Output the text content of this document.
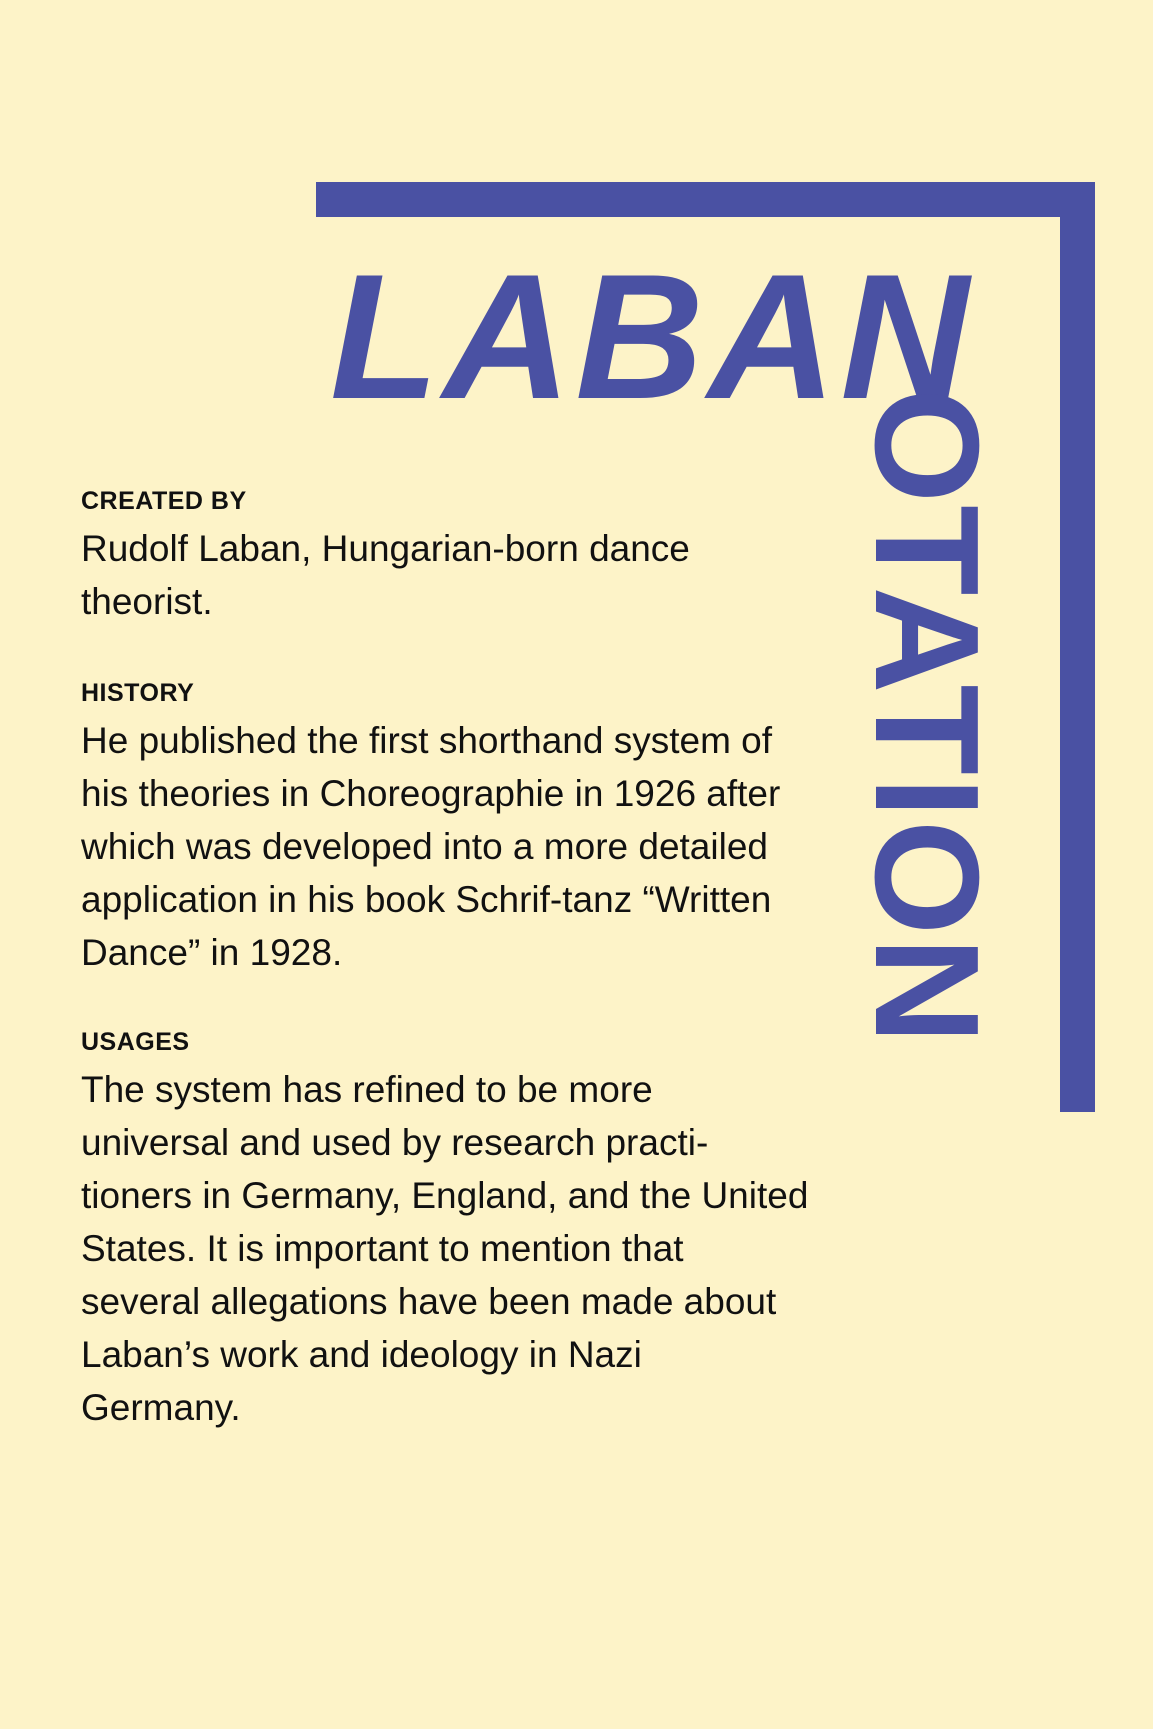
LABAN
OTATION
CREATED BY

Rudolf Laban, Hungarian-born dance theorist.

HISTORY

He published the first shorthand system of his theories in Choreographie in 1926 after which was developed into a more detailed application in his book Schrif-tanz “Written Dance” in 1928.

USAGES

The system has refined to be more universal and used by research practi-tioners in Germany, England, and the United States. It is important to mention that several allegations have been made about Laban’s work and ideology in Nazi Germany.
